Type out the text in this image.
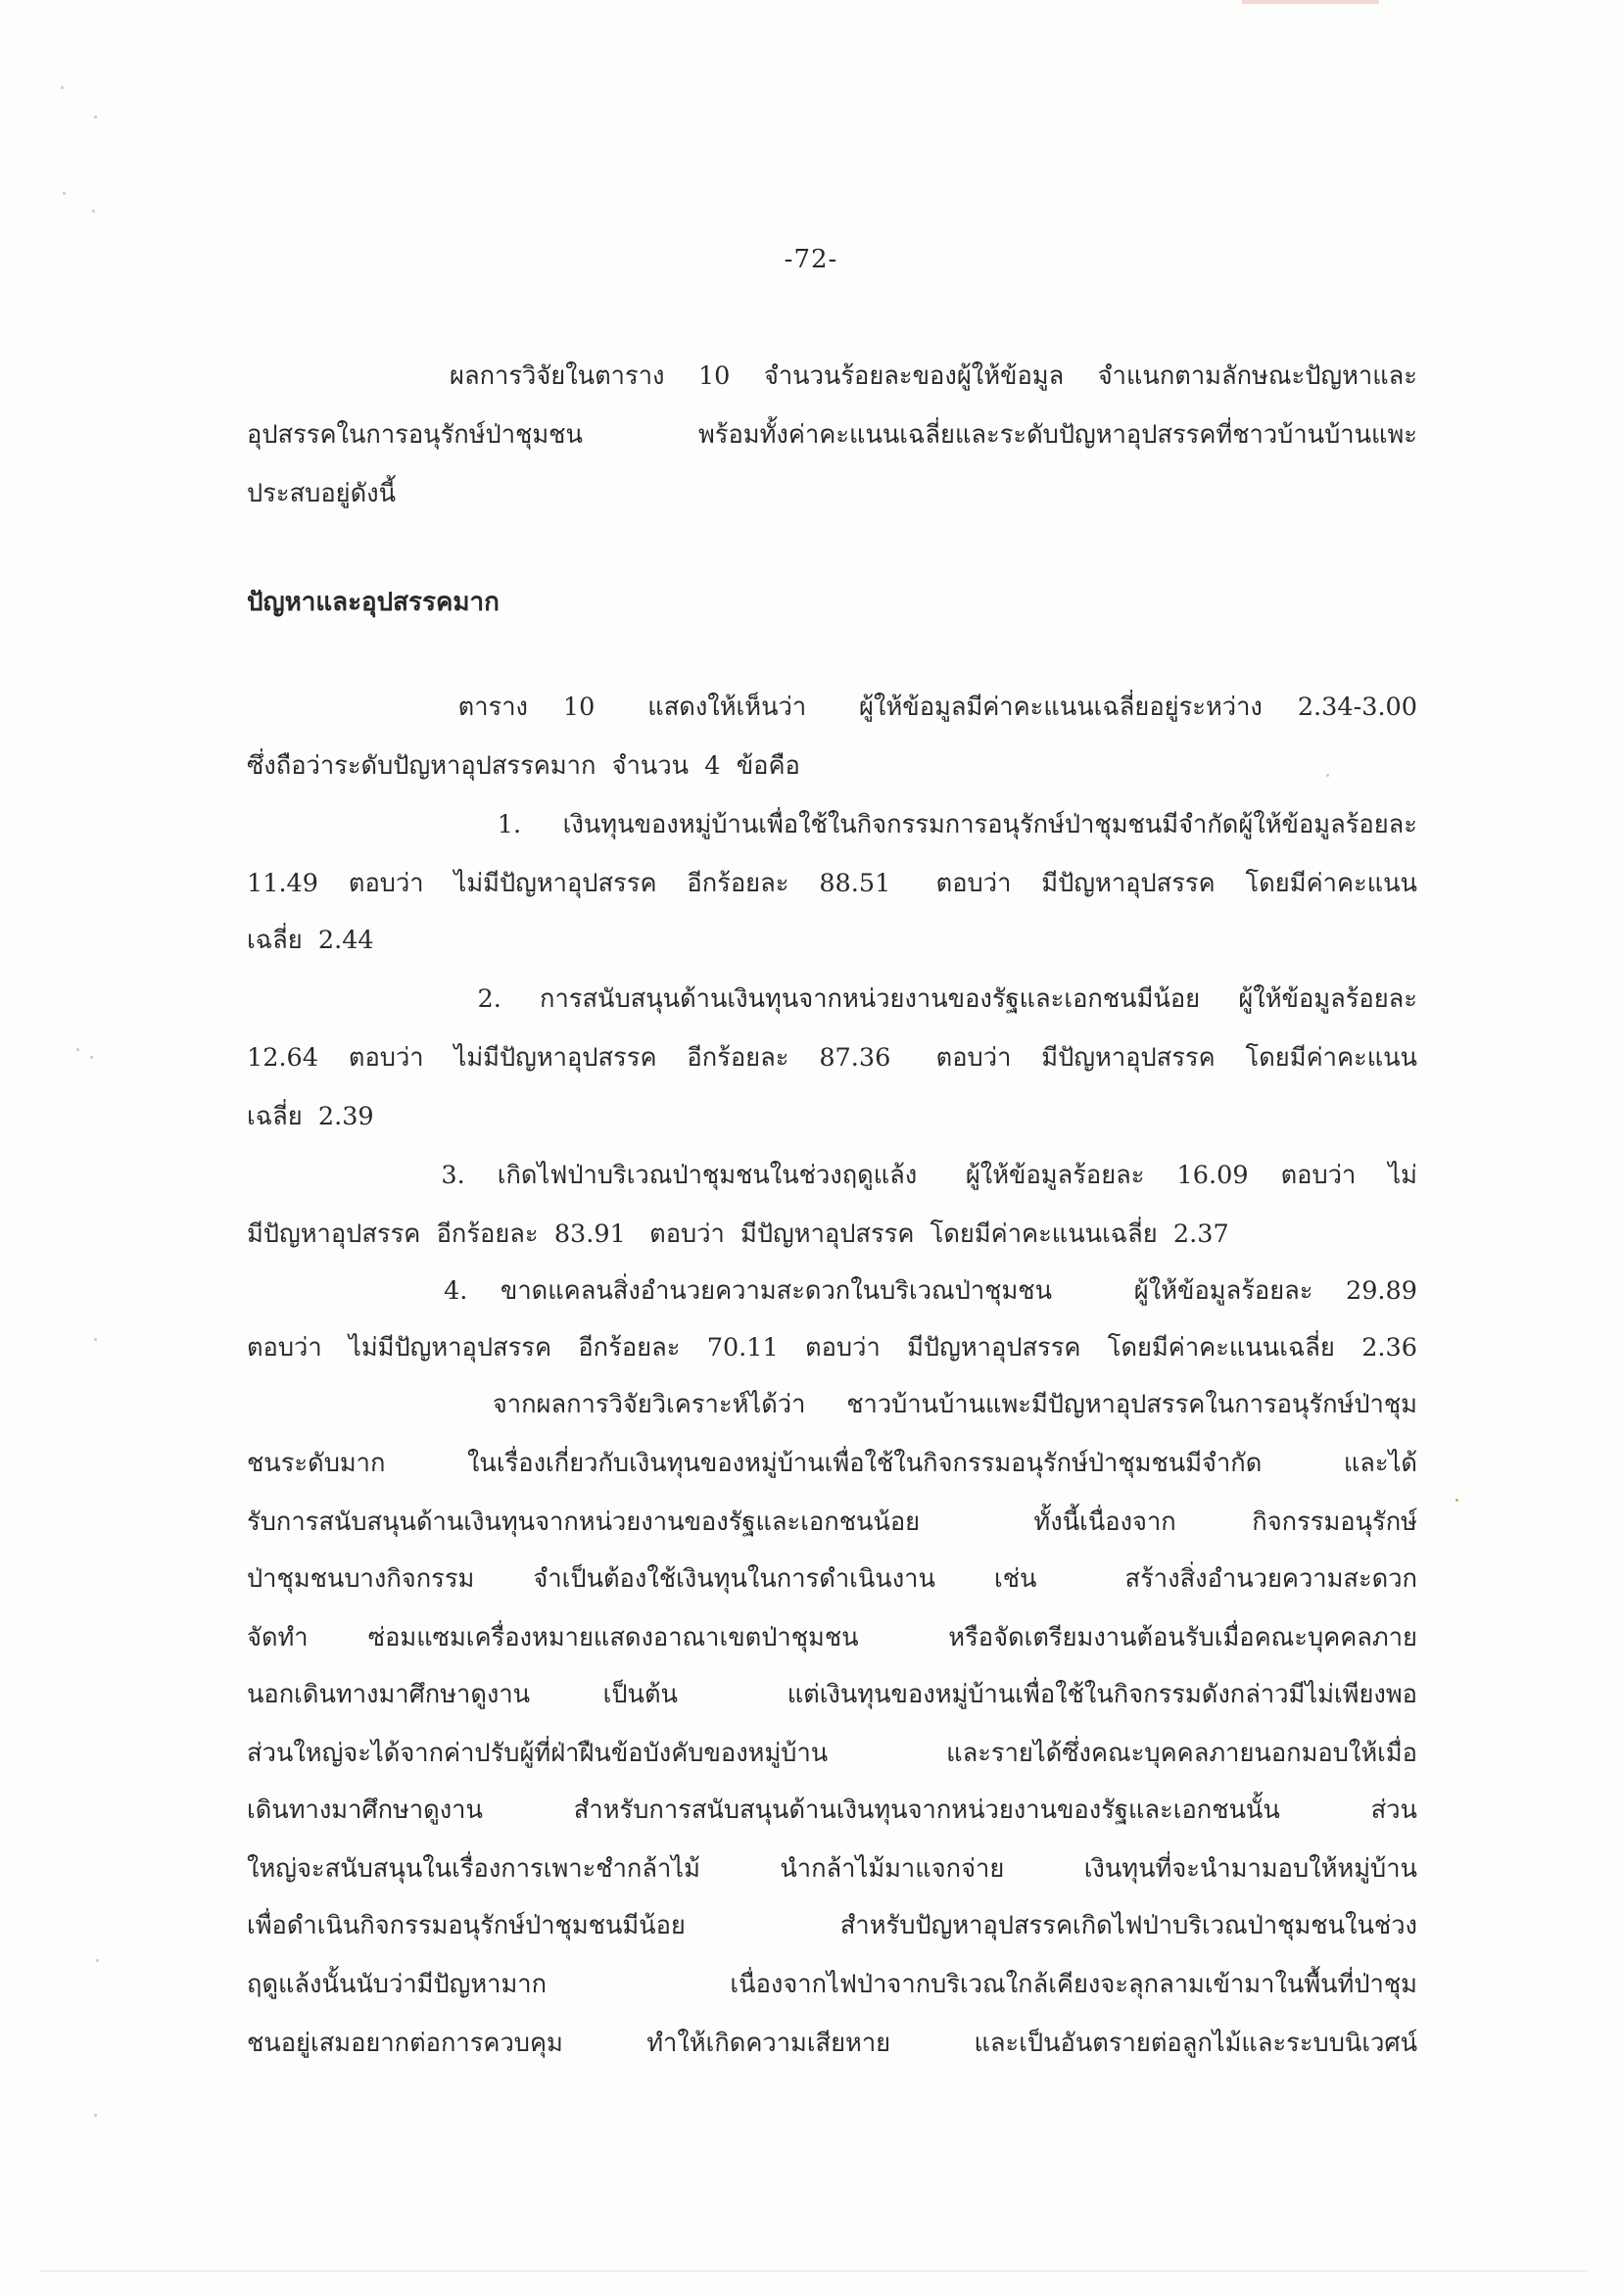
-72-
ผลการวิจัยในตาราง  10  จำนวนร้อยละของผู้ให้ข้อมูล  จำแนกตามลักษณะปัญหาและ
อุปสรรคในการอนุรักษ์ป่าชุมชน  พร้อมทั้งค่าคะแนนเฉลี่ยและระดับปัญหาอุปสรรคที่ชาวบ้านบ้านแพะ
ประสบอยู่ดังนี้
ตาราง  10   แสดงให้เห็นว่า   ผู้ให้ข้อมูลมีค่าคะแนนเฉลี่ยอยู่ระหว่าง  2.34-3.00
ซึ่งถือว่าระดับปัญหาอุปสรรคมาก  จำนวน  4  ข้อคือ
1.  เงินทุนของหมู่บ้านเพื่อใช้ในกิจกรรมการอนุรักษ์ป่าชุมชนมีจำกัดผู้ให้ข้อมูลร้อยละ
11.49  ตอบว่า  ไม่มีปัญหาอุปสรรค  อีกร้อยละ  88.51   ตอบว่า  มีปัญหาอุปสรรค  โดยมีค่าคะแนน
เฉลี่ย  2.44
2.  การสนับสนุนด้านเงินทุนจากหน่วยงานของรัฐและเอกชนมีน้อย  ผู้ให้ข้อมูลร้อยละ
12.64  ตอบว่า  ไม่มีปัญหาอุปสรรค  อีกร้อยละ  87.36   ตอบว่า  มีปัญหาอุปสรรค  โดยมีค่าคะแนน
เฉลี่ย  2.39
3.  เกิดไฟป่าบริเวณป่าชุมชนในช่วงฤดูแล้ง   ผู้ให้ข้อมูลร้อยละ  16.09  ตอบว่า  ไม่
มีปัญหาอุปสรรค  อีกร้อยละ  83.91   ตอบว่า  มีปัญหาอุปสรรค  โดยมีค่าคะแนนเฉลี่ย  2.37
4.  ขาดแคลนสิ่งอำนวยความสะดวกในบริเวณป่าชุมชน     ผู้ให้ข้อมูลร้อยละ  29.89
ตอบว่า  ไม่มีปัญหาอุปสรรค  อีกร้อยละ  70.11  ตอบว่า  มีปัญหาอุปสรรค  โดยมีค่าคะแนนเฉลี่ย  2.36
จากผลการวิจัยวิเคราะห์ได้ว่า  ชาวบ้านบ้านแพะมีปัญหาอุปสรรคในการอนุรักษ์ป่าชุม
ชนระดับมาก  ในเรื่องเกี่ยวกับเงินทุนของหมู่บ้านเพื่อใช้ในกิจกรรมอนุรักษ์ป่าชุมชนมีจำกัด  และได้
รับการสนับสนุนด้านเงินทุนจากหน่วยงานของรัฐและเอกชนน้อย   ทั้งนี้เนื่องจาก  กิจกรรมอนุรักษ์
ป่าชุมชนบางกิจกรรม  จำเป็นต้องใช้เงินทุนในการดำเนินงาน  เช่น   สร้างสิ่งอำนวยความสะดวก
จัดทำ  ซ่อมแซมเครื่องหมายแสดงอาณาเขตป่าชุมชน   หรือจัดเตรียมงานต้อนรับเมื่อคณะบุคคลภาย
นอกเดินทางมาศึกษาดูงาน  เป็นต้น   แต่เงินทุนของหมู่บ้านเพื่อใช้ในกิจกรรมดังกล่าวมีไม่เพียงพอ
ส่วนใหญ่จะได้จากค่าปรับผู้ที่ฝ่าฝืนข้อบังคับของหมู่บ้าน  และรายได้ซึ่งคณะบุคคลภายนอกมอบให้เมื่อ
เดินทางมาศึกษาดูงาน   สำหรับการสนับสนุนด้านเงินทุนจากหน่วยงานของรัฐและเอกชนนั้น   ส่วน
ใหญ่จะสนับสนุนในเรื่องการเพาะชำกล้าไม้  นำกล้าไม้มาแจกจ่าย  เงินทุนที่จะนำมามอบให้หมู่บ้าน
เพื่อดำเนินกิจกรรมอนุรักษ์ป่าชุมชนมีน้อย    สำหรับปัญหาอุปสรรคเกิดไฟป่าบริเวณป่าชุมชนในช่วง
ฤดูแล้งนั้นนับว่ามีปัญหามาก       เนื่องจากไฟป่าจากบริเวณใกล้เคียงจะลุกลามเข้ามาในพื้นที่ป่าชุม
ชนอยู่เสมอยากต่อการควบคุม  ทำให้เกิดความเสียหาย  และเป็นอันตรายต่อลูกไม้และระบบนิเวศน์
ปัญหาและอุปสรรคมาก
